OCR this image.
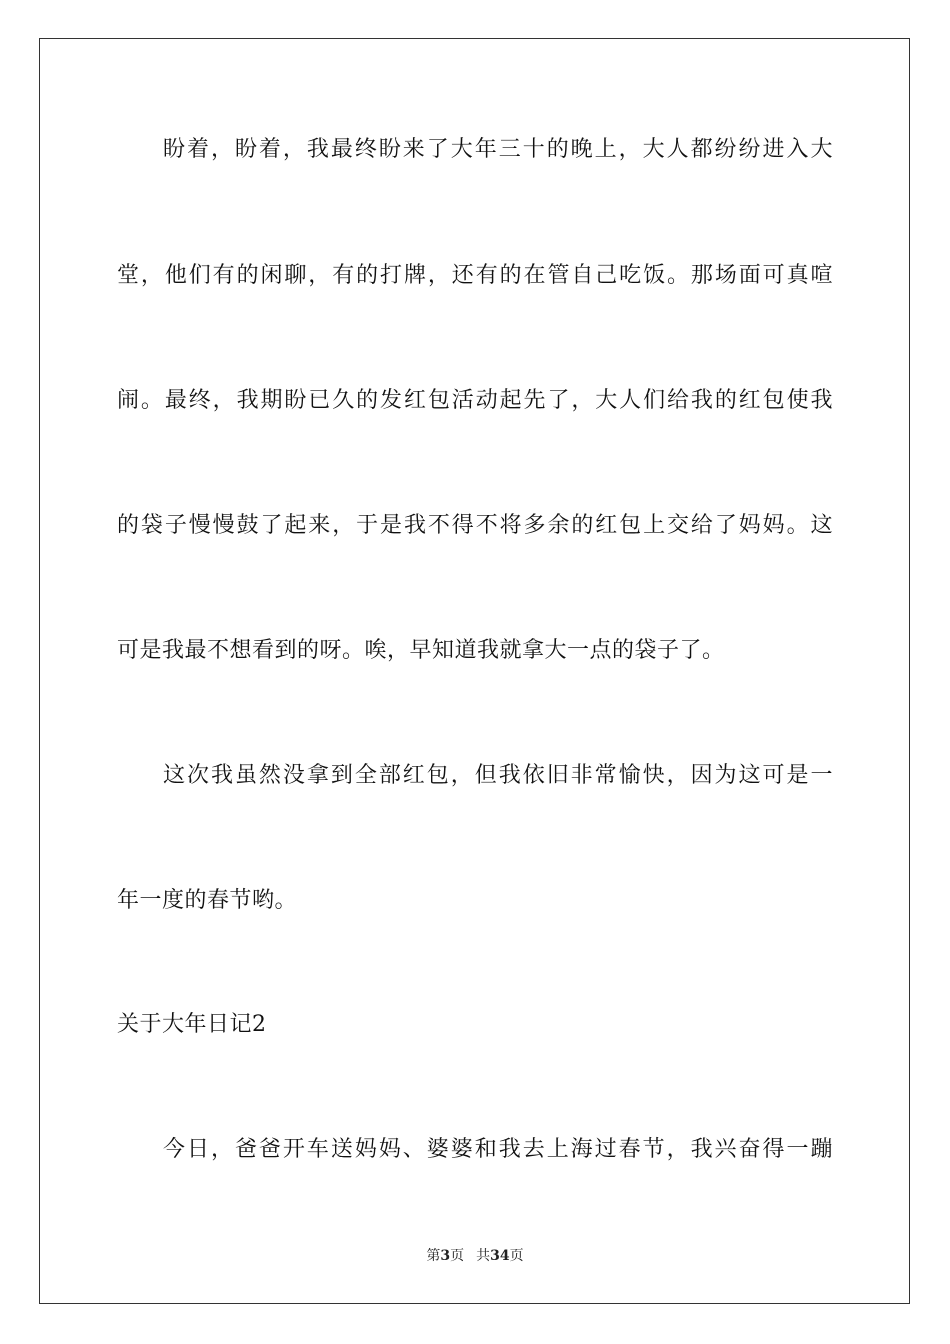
盼着，盼着，我最终盼来了大年三十的晚上，大人都纷纷进入大
堂，他们有的闲聊，有的打牌，还有的在管自己吃饭。那场面可真喧
闹。最终，我期盼已久的发红包活动起先了，大人们给我的红包使我
的袋子慢慢鼓了起来，于是我不得不将多余的红包上交给了妈妈。这
可是我最不想看到的呀。唉，早知道我就拿大一点的袋子了。
这次我虽然没拿到全部红包，但我依旧非常愉快，因为这可是一
年一度的春节哟。
关于大年日记2
今日，爸爸开车送妈妈、婆婆和我去上海过春节，我兴奋得一蹦
第3页 共34页
